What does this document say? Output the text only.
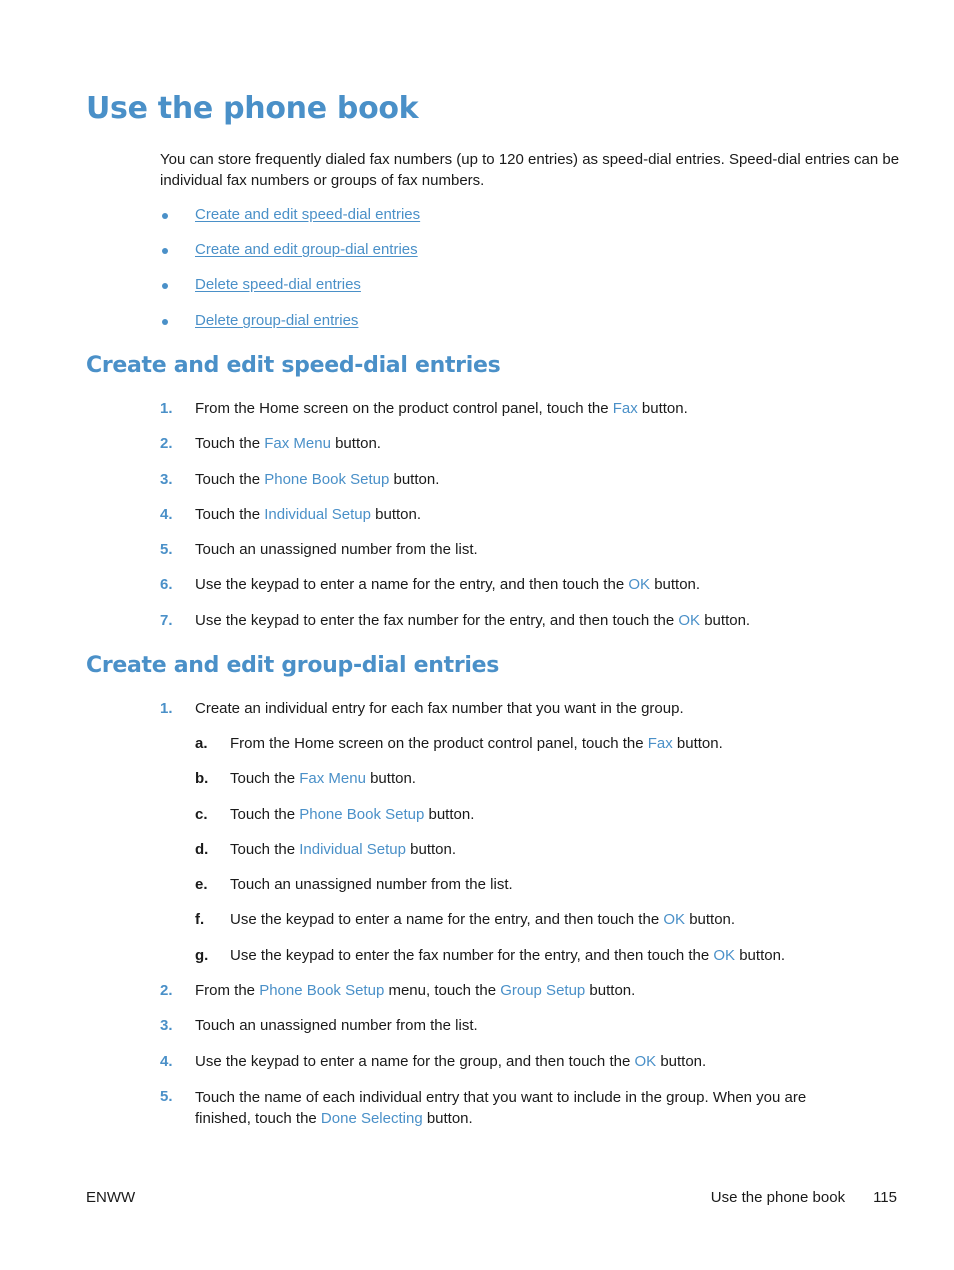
Use the phone book

You can store frequently dialed fax numbers (up to 120 entries) as speed-dial entries. Speed-dial entries can be individual fax numbers or groups of fax numbers.

Create and edit speed-dial entries
Create and edit group-dial entries
Delete speed-dial entries
Delete group-dial entries
Create and edit speed-dial entries
1. From the Home screen on the product control panel, touch the Fax button.
2. Touch the Fax Menu button.
3. Touch the Phone Book Setup button.
4. Touch the Individual Setup button.
5. Touch an unassigned number from the list.
6. Use the keypad to enter a name for the entry, and then touch the OK button.
7. Use the keypad to enter the fax number for the entry, and then touch the OK button.
Create and edit group-dial entries
1. Create an individual entry for each fax number that you want in the group.
a. From the Home screen on the product control panel, touch the Fax button.
b. Touch the Fax Menu button.
c. Touch the Phone Book Setup button.
d. Touch the Individual Setup button.
e. Touch an unassigned number from the list.
f. Use the keypad to enter a name for the entry, and then touch the OK button.
g. Use the keypad to enter the fax number for the entry, and then touch the OK button.
2. From the Phone Book Setup menu, touch the Group Setup button.
3. Touch an unassigned number from the list.
4. Use the keypad to enter a name for the group, and then touch the OK button.
5. Touch the name of each individual entry that you want to include in the group. When you are finished, touch the Done Selecting button.
ENWW	Use the phone book 115
